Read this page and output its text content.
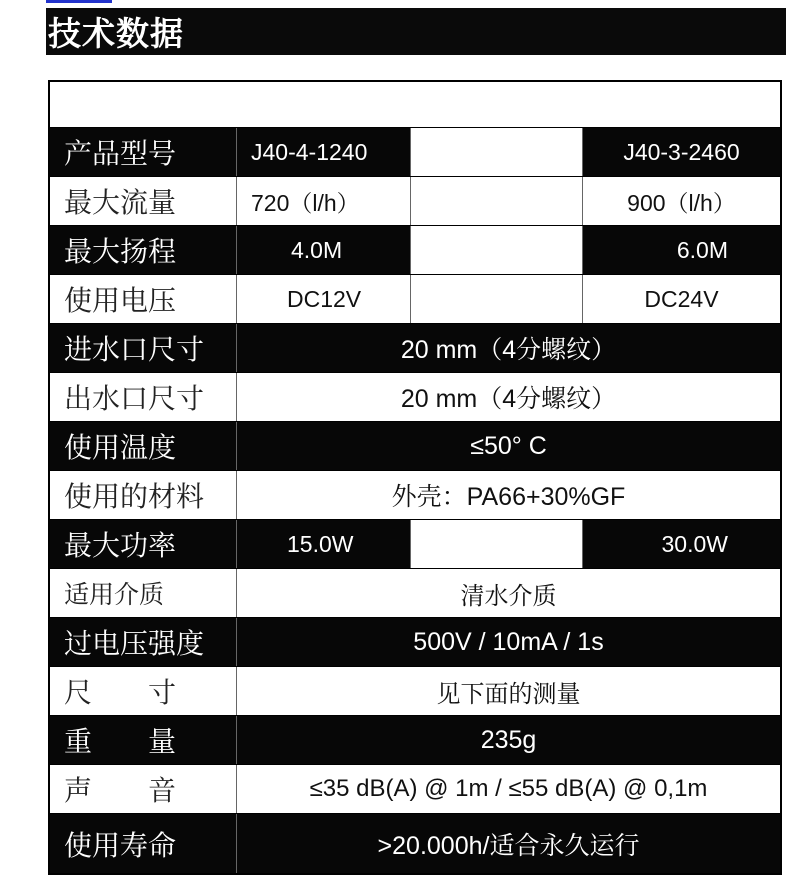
技术数据
产品型号	J40-4-1240	J40-3-2460
最大流量	720（l/h）	900（l/h）
最大扬程	4.0M	6.0M
使用电压	DC12V	DC24V
进水口尺寸	20 mm（4分螺纹）
出水口尺寸	20 mm（4分螺纹）
使用温度	≤50° C
使用的材料	外壳：PA66+30%GF
最大功率	15.0W	30.0W
适用介质	清水介质
过电压强度	500V / 10mA / 1s
尺　　寸	见下面的测量
重　　量	235g
声　　音	≤35 dB(A) @ 1m / ≤55 dB(A) @ 0,1m
使用寿命	>20.000h/适合永久运行
